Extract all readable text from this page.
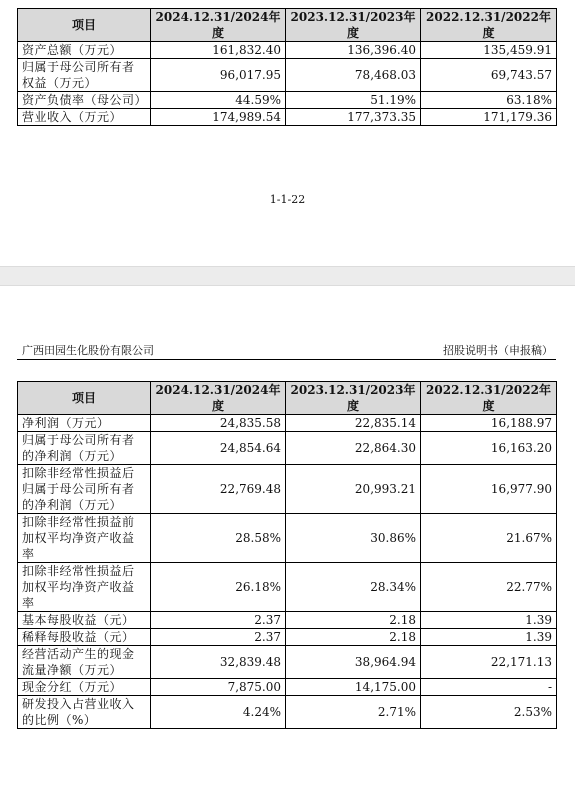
项目	2024.12.31/2024年度	2023.12.31/2023年度	2022.12.31/2022年度
资产总额（万元）	161,832.40	136,396.40	135,459.91
归属于母公司所有者权益（万元）	96,017.95	78,468.03	69,743.57
资产负债率（母公司）	44.59%	51.19%	63.18%
营业收入（万元）	174,989.54	177,373.35	171,179.36
1-1-22
广西田园生化股份有限公司	招股说明书（申报稿）
项目	2024.12.31/2024年度	2023.12.31/2023年度	2022.12.31/2022年度
净利润（万元）	24,835.58	22,835.14	16,188.97
归属于母公司所有者的净利润（万元）	24,854.64	22,864.30	16,163.20
扣除非经常性损益后归属于母公司所有者的净利润（万元）	22,769.48	20,993.21	16,977.90
扣除非经常性损益前加权平均净资产收益率	28.58%	30.86%	21.67%
扣除非经常性损益后加权平均净资产收益率	26.18%	28.34%	22.77%
基本每股收益（元）	2.37	2.18	1.39
稀释每股收益（元）	2.37	2.18	1.39
经营活动产生的现金流量净额（万元）	32,839.48	38,964.94	22,171.13
现金分红（万元）	7,875.00	14,175.00	-
研发投入占营业收入的比例（%）	4.24%	2.71%	2.53%
